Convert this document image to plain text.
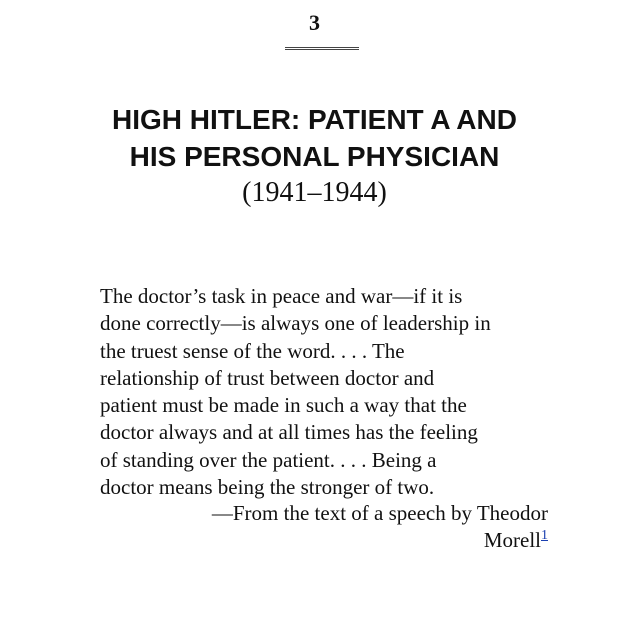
3
HIGH HITLER: PATIENT A AND
HIS PERSONAL PHYSICIAN
(1941–1944)
The doctor’s task in peace and war—if it is
done correctly—is always one of leadership in
the truest sense of the word. . . . The
relationship of trust between doctor and
patient must be made in such a way that the
doctor always and at all times has the feeling
of standing over the patient. . . . Being a
doctor means being the stronger of two.
—From the text of a speech by Theodor
Morell$^1$
